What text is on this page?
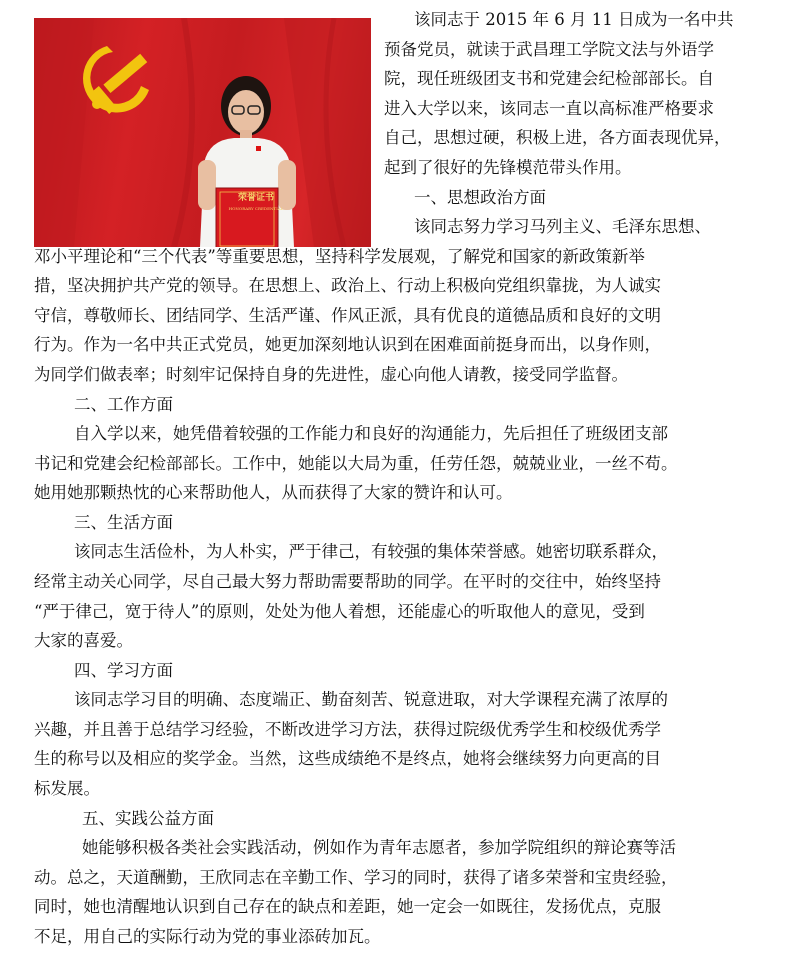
荣誉证书
HONORARY CREDENTIAL
该同志于 2015 年 6 月 11 日成为一名中共
预备党员，就读于武昌理工学院文法与外语学
院，现任班级团支书和党建会纪检部部长。自
进入大学以来，该同志一直以高标准严格要求
自己，思想过硬，积极上进，各方面表现优异，
起到了很好的先锋模范带头作用。
一、思想政治方面
该同志努力学习马列主义、毛泽东思想、
邓小平理论和“三个代表”等重要思想，坚持科学发展观，了解党和国家的新政策新举
措，坚决拥护共产党的领导。在思想上、政治上、行动上积极向党组织靠拢，为人诚实
守信，尊敬师长、团结同学、生活严谨、作风正派，具有优良的道德品质和良好的文明
行为。作为一名中共正式党员，她更加深刻地认识到在困难面前挺身而出，以身作则，
为同学们做表率；时刻牢记保持自身的先进性，虚心向他人请教，接受同学监督。
二、工作方面
自入学以来，她凭借着较强的工作能力和良好的沟通能力，先后担任了班级团支部
书记和党建会纪检部部长。工作中，她能以大局为重，任劳任怨，兢兢业业，一丝不苟。
她用她那颗热忱的心来帮助他人，从而获得了大家的赞许和认可。
三、生活方面
该同志生活俭朴，为人朴实，严于律己，有较强的集体荣誉感。她密切联系群众，
经常主动关心同学，尽自己最大努力帮助需要帮助的同学。在平时的交往中，始终坚持
“严于律己，宽于待人”的原则，处处为他人着想，还能虚心的听取他人的意见，受到
大家的喜爱。
四、学习方面
该同志学习目的明确、态度端正、勤奋刻苦、锐意进取，对大学课程充满了浓厚的
兴趣，并且善于总结学习经验，不断改进学习方法，获得过院级优秀学生和校级优秀学
生的称号以及相应的奖学金。当然，这些成绩绝不是终点，她将会继续努力向更高的目
标发展。
五、实践公益方面
她能够积极各类社会实践活动，例如作为青年志愿者，参加学院组织的辩论赛等活
动。总之，天道酬勤，王欣同志在辛勤工作、学习的同时，获得了诸多荣誉和宝贵经验，
同时，她也清醒地认识到自己存在的缺点和差距，她一定会一如既往，发扬优点，克服
不足，用自己的实际行动为党的事业添砖加瓦。
